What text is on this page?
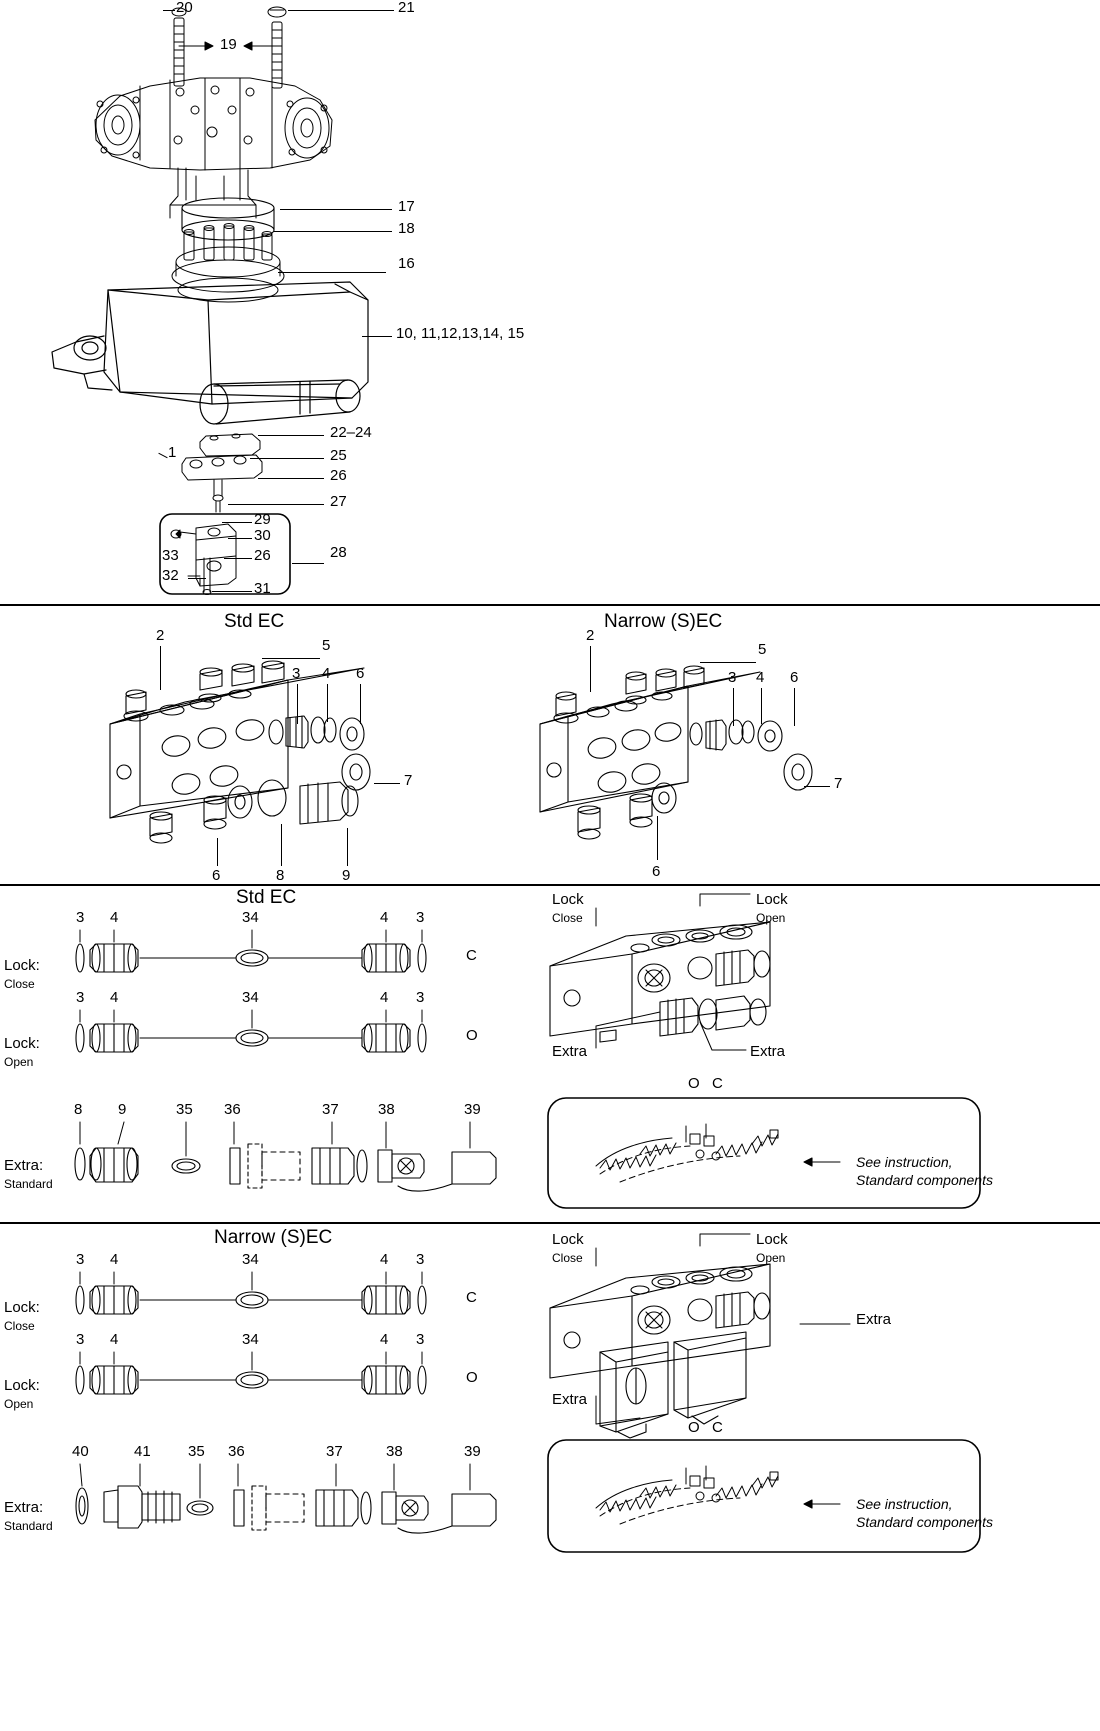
20	21
19
17
18
16
10, 11,12,13,14, 15
22–24
25
26
27
1
29
30
26
31
32
33	28
Std EC	Narrow (S)EC
2
5
3 4 6
7
6	8	9
2
5
3 4 6
7
6
Std EC
Lock:
Close
3 4	34	4 3
C
Lock:
Open
3 4	34	4 3
O
Extra:
Standard
8 9	35 36	37	38	39
Lock
Close
Lock
Open
Extra	Extra
O C
See instruction,
Standard components
Narrow (S)EC
Lock:
Close
3 4	34	4 3
C
Lock:
Open
3 4	34	4 3
O
Extra:
Standard
40	41 35 36	37	38	39
Lock
Close
Lock
Open
Extra
Extra
O C
See instruction,
Standard components
